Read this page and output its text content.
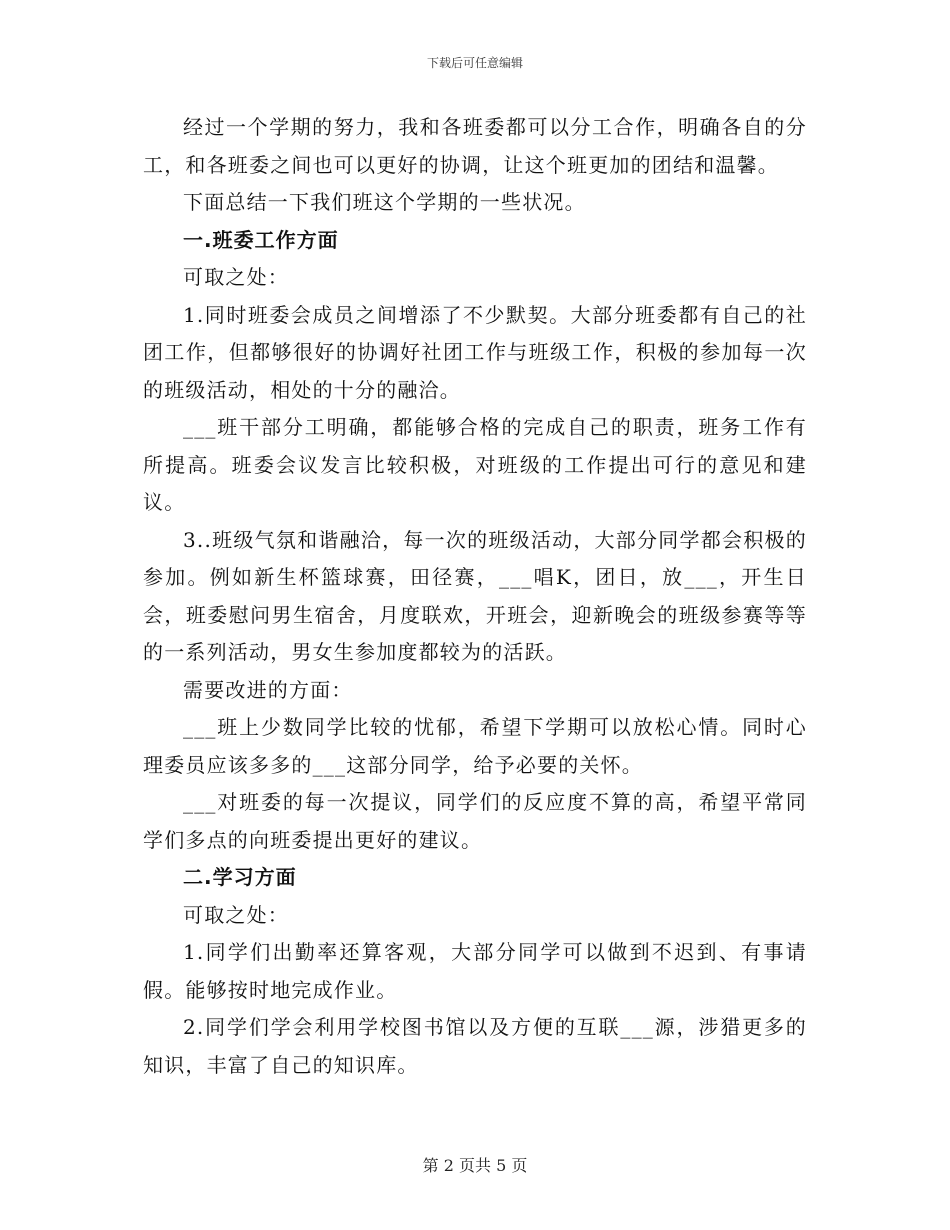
下载后可任意编辑

经过一个学期的努力，我和各班委都可以分工合作，明确各自的分工，和各班委之间也可以更好的协调，让这个班更加的团结和温馨。

下面总结一下我们班这个学期的一些状况。

一.班委工作方面

可取之处：

1.同时班委会成员之间增添了不少默契。大部分班委都有自己的社团工作，但都够很好的协调好社团工作与班级工作，积极的参加每一次的班级活动，相处的十分的融洽。

___班干部分工明确，都能够合格的完成自己的职责，班务工作有所提高。班委会议发言比较积极，对班级的工作提出可行的意见和建议。

3..班级气氛和谐融洽，每一次的班级活动，大部分同学都会积极的参加。例如新生杯篮球赛，田径赛，___唱K，团日，放___，开生日会，班委慰问男生宿舍，月度联欢，开班会，迎新晚会的班级参赛等等的一系列活动，男女生参加度都较为的活跃。

需要改进的方面：

___班上少数同学比较的忧郁，希望下学期可以放松心情。同时心理委员应该多多的___这部分同学，给予必要的关怀。

___对班委的每一次提议，同学们的反应度不算的高，希望平常同学们多点的向班委提出更好的建议。

二.学习方面

可取之处：

1.同学们出勤率还算客观，大部分同学可以做到不迟到、有事请假。能够按时地完成作业。

2.同学们学会利用学校图书馆以及方便的互联___源，涉猎更多的知识，丰富了自己的知识库。

第 2 页共 5 页
